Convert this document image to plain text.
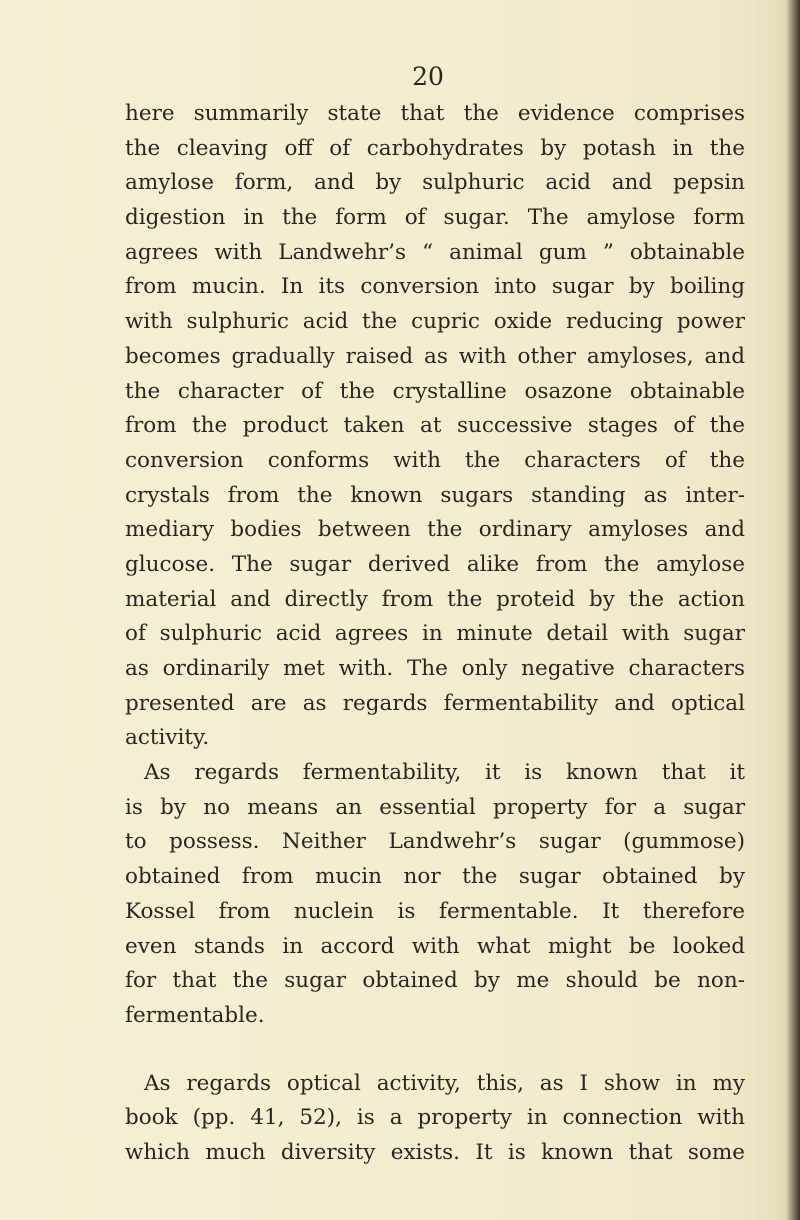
20
here summarily state that the evidence comprises
the cleaving off of carbohydrates by potash in the
amylose form, and by sulphuric acid and pepsin
digestion in the form of sugar. The amylose form
agrees with Landwehr’s “ animal gum ” obtainable
from mucin. In its conversion into sugar by boiling
with sulphuric acid the cupric oxide reducing power
becomes gradually raised as with other amyloses, and
the character of the crystalline osazone obtainable
from the product taken at successive stages of the
conversion conforms with the characters of the
crystals from the known sugars standing as inter-
mediary bodies between the ordinary amyloses and
glucose. The sugar derived alike from the amylose
material and directly from the proteid by the action
of sulphuric acid agrees in minute detail with sugar
as ordinarily met with. The only negative characters
presented are as regards fermentability and optical
activity.
As regards fermentability, it is known that it
is by no means an essential property for a sugar
to possess. Neither Landwehr’s sugar (gummose)
obtained from mucin nor the sugar obtained by
Kossel from nuclein is fermentable. It therefore
even stands in accord with what might be looked
for that the sugar obtained by me should be non-
fermentable.
As regards optical activity, this, as I show in my
book (pp. 41, 52), is a property in connection with
which much diversity exists. It is known that some
